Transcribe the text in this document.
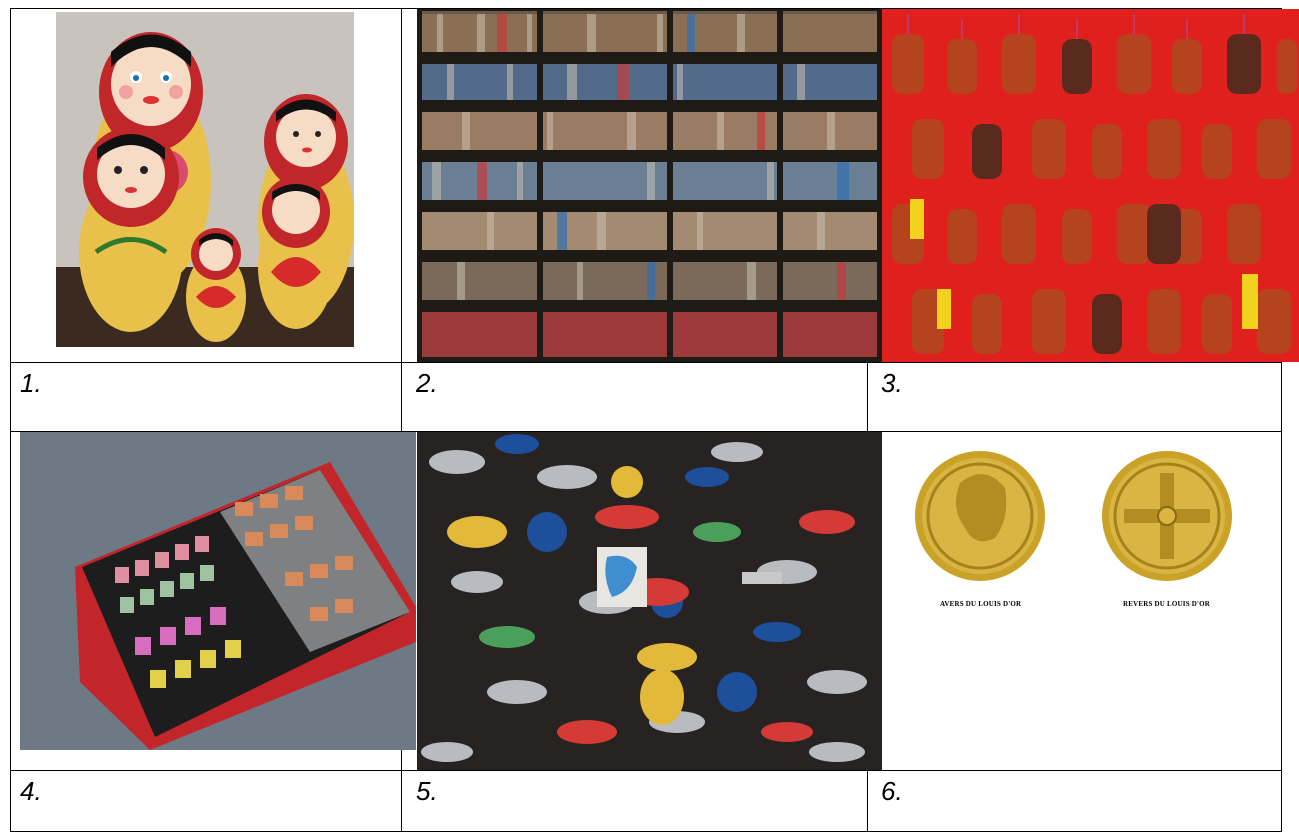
1.	2.	3.
AVERS DU LOUIS D'OR	REVERS DU LOUIS D'OR
4.	5.	6.
